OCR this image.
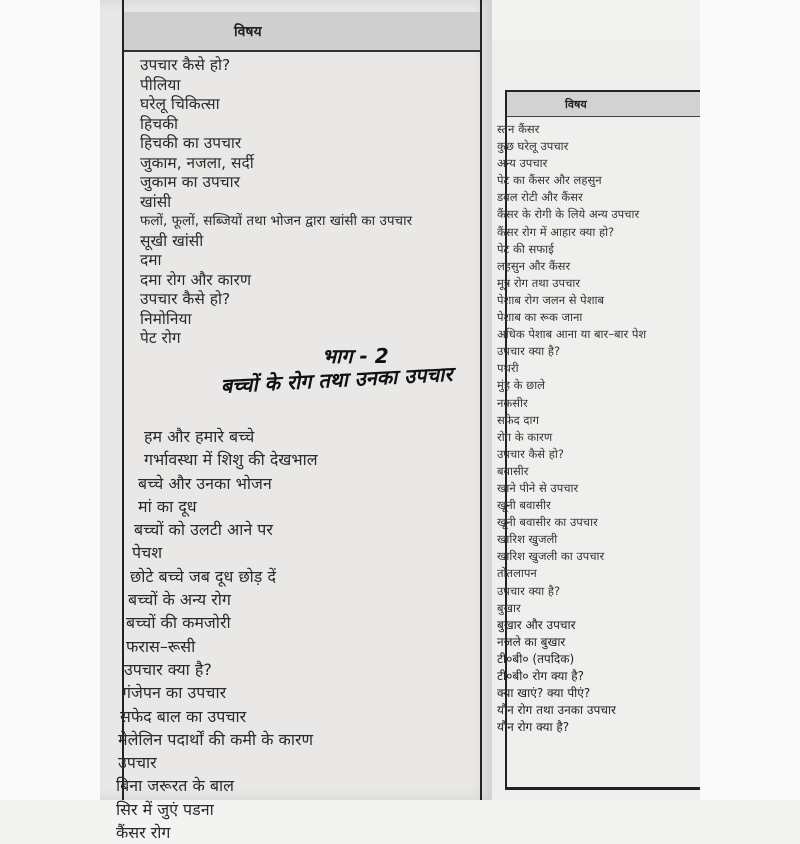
विषय
उपचार कैसे हो?
पीलिया
घरेलू चिकित्सा
हिचकी
हिचकी का उपचार
जुकाम, नजला, सर्दी
जुकाम का उपचार
खांसी
फलों, फूलों, सब्जियों तथा भोजन द्वारा खांसी का उपचार
सूखी खांसी
दमा
दमा रोग और कारण
उपचार कैसे हो?
निमोनिया
पेट रोग
भाग - 2
बच्चों के रोग तथा उनका उपचार
हम और हमारे बच्चे
गर्भावस्था में शिशु की देखभाल
बच्चे और उनका भोजन
मां का दूध
बच्चों को उलटी आने पर
पेचश
छोटे बच्चे जब दूध छोड़ दें
बच्चों के अन्य रोग
बच्चों की कमजोरी
फरास–रूसी
उपचार क्या है?
गंजेपन का उपचार
सफेद बाल का उपचार
मेलेलिन पदार्थों की कमी के कारण
उपचार
बिना जरूरत के बाल
सिर में जुएं पडना
कैंसर रोग
विषय
स्तन कैंसर
कुछ घरेलू उपचार
अन्य उपचार
पेट का कैंसर और लहसुन
डबल रोटी और कैंसर
कैंसर के रोगी के लिये अन्य उपचार
कैंसर रोग में आहार क्या हो?
पेट की सफाई
लहसुन और कैंसर
मूत्र रोग तथा उपचार
पेशाब रोग जलन से पेशाब
पेशाब का रूक जाना
अधिक पेशाब आना या बार–बार पेश
उपचार क्या है?
पथरी
मुंह के छाले
नकसीर
सफेद दाग
रोग के कारण
उपचार कैसे हो?
बवासीर
खाने पीने से उपचार
खूनी बवासीर
खूनी बवासीर का उपचार
खारिश खुजली
खारिश खुजली का उपचार
तोतलापन
उपचार क्या है?
बुखार
बुखार और उपचार
नजले का बुखार
टी०बी० (तपदिक)
टी०बी० रोग क्या है?
क्या खाएं? क्या पीएं?
यौन रोग तथा उनका उपचार
यौन रोग क्या है?
